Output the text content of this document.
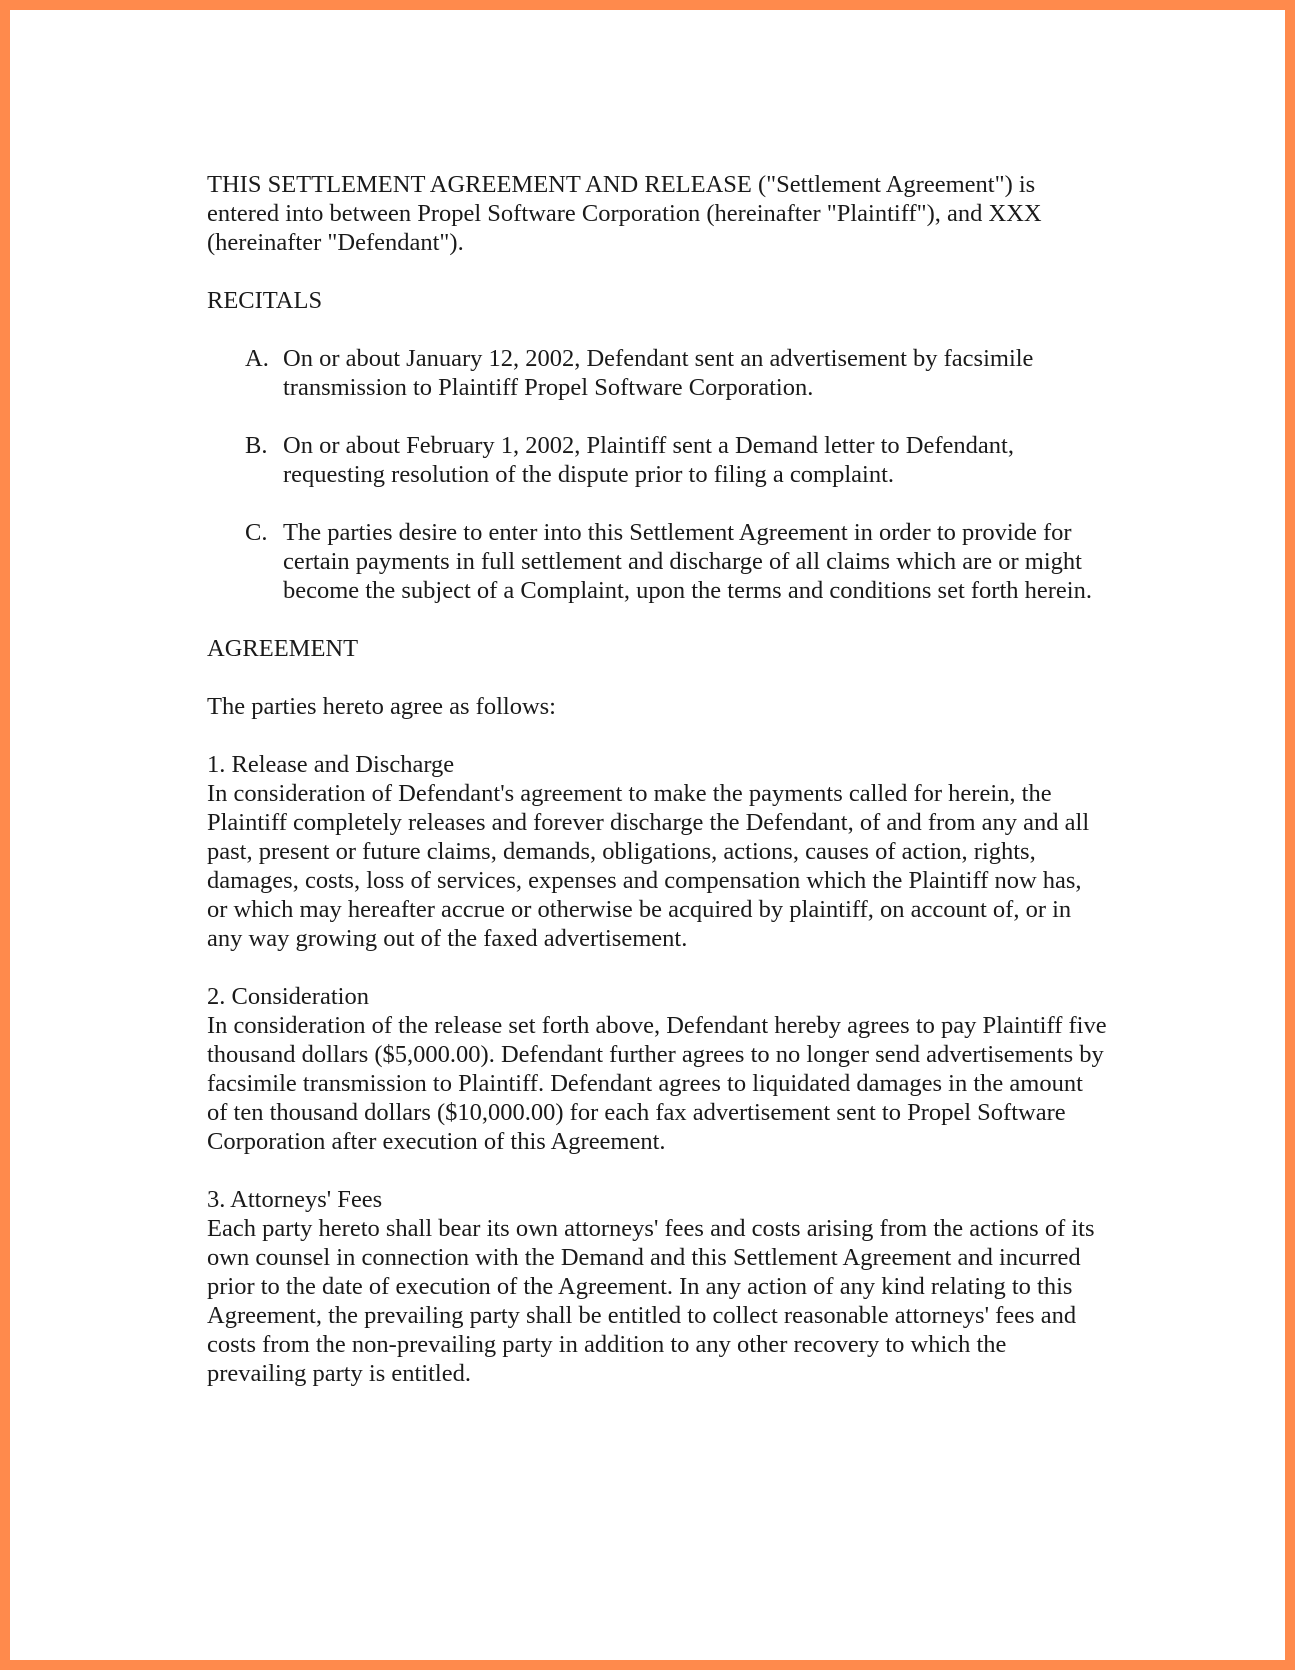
THIS SETTLEMENT AGREEMENT AND RELEASE ("Settlement Agreement") is entered into between Propel Software Corporation (hereinafter "Plaintiff"), and XXX (hereinafter "Defendant").

RECITALS

A. On or about January 12, 2002, Defendant sent an advertisement by facsimile transmission to Plaintiff Propel Software Corporation.
B. On or about February 1, 2002, Plaintiff sent a Demand letter to Defendant, requesting resolution of the dispute prior to filing a complaint.
C. The parties desire to enter into this Settlement Agreement in order to provide for certain payments in full settlement and discharge of all claims which are or might become the subject of a Complaint, upon the terms and conditions set forth herein.

AGREEMENT

The parties hereto agree as follows:

1. Release and Discharge
In consideration of Defendant's agreement to make the payments called for herein, the Plaintiff completely releases and forever discharge the Defendant, of and from any and all past, present or future claims, demands, obligations, actions, causes of action, rights, damages, costs, loss of services, expenses and compensation which the Plaintiff now has, or which may hereafter accrue or otherwise be acquired by plaintiff, on account of, or in any way growing out of the faxed advertisement.
2. Consideration
In consideration of the release set forth above, Defendant hereby agrees to pay Plaintiff five thousand dollars ($5,000.00). Defendant further agrees to no longer send advertisements by facsimile transmission to Plaintiff. Defendant agrees to liquidated damages in the amount of ten thousand dollars ($10,000.00) for each fax advertisement sent to Propel Software Corporation after execution of this Agreement.
3. Attorneys' Fees
Each party hereto shall bear its own attorneys' fees and costs arising from the actions of its own counsel in connection with the Demand and this Settlement Agreement and incurred prior to the date of execution of the Agreement. In any action of any kind relating to this Agreement, the prevailing party shall be entitled to collect reasonable attorneys' fees and costs from the non-prevailing party in addition to any other recovery to which the prevailing party is entitled.
